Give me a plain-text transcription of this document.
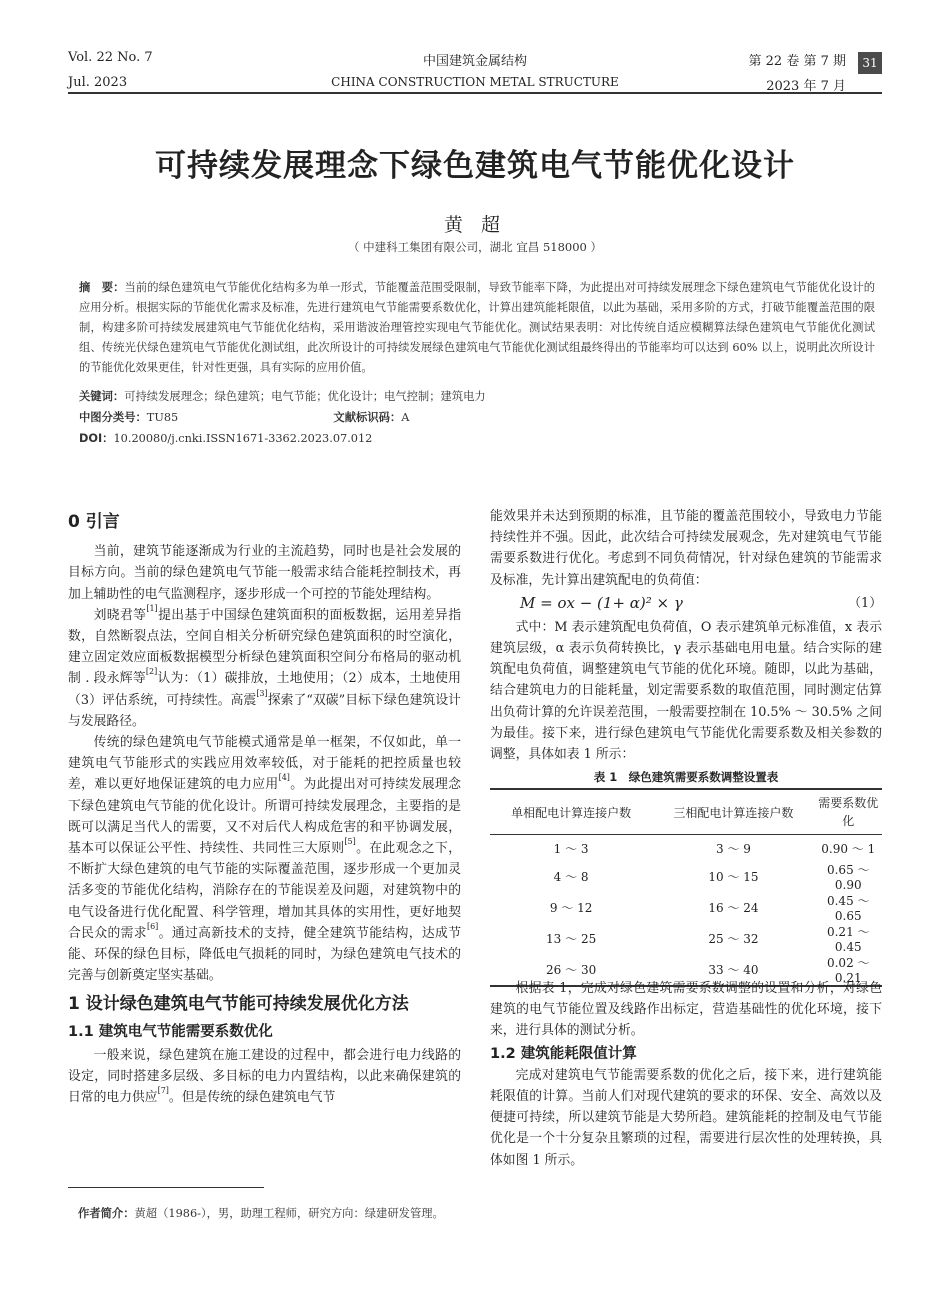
Vol. 22 No. 7
Jul. 2023
中国建筑金属结构
CHINA CONSTRUCTION METAL STRUCTURE
第 22 卷 第 7 期
2023 年 7 月
31
可持续发展理念下绿色建筑电气节能优化设计
黄 超
（ 中建科工集团有限公司，湖北 宜昌 518000 ）
摘　要：当前的绿色建筑电气节能优化结构多为单一形式，节能覆盖范围受限制，导致节能率下降，为此提出对可持续发展理念下绿色建筑电气节能优化设计的应用分析。根据实际的节能优化需求及标准，先进行建筑电气节能需要系数优化，计算出建筑能耗限值，以此为基础，采用多阶的方式，打破节能覆盖范围的限制，构建多阶可持续发展建筑电气节能优化结构，采用谐波治理管控实现电气节能优化。测试结果表明：对比传统自适应模糊算法绿色建筑电气节能优化测试组、传统光伏绿色建筑电气节能优化测试组，此次所设计的可持续发展绿色建筑电气节能优化测试组最终得出的节能率均可以达到 60% 以上，说明此次所设计的节能优化效果更佳，针对性更强，具有实际的应用价值。
关键词：可持续发展理念；绿色建筑；电气节能；优化设计；电气控制；建筑电力
中图分类号：TU85	文献标识码：A
DOI：10.20080/j.cnki.ISSN1671-3362.2023.07.012
0 引言

当前，建筑节能逐渐成为行业的主流趋势，同时也是社会发展的目标方向。当前的绿色建筑电气节能一般需求结合能耗控制技术，再加上辅助性的电气监测程序，逐步形成一个可控的节能处理结构。

刘晓君等[1]提出基于中国绿色建筑面积的面板数据，运用差异指数，自然断裂点法，空间自相关分析研究绿色建筑面积的时空演化，建立固定效应面板数据模型分析绿色建筑面积空间分布格局的驱动机制 . 段永辉等[2]认为：（1）碳排放，土地使用；（2）成本，土地使用（3）评估系统，可持续性。高震[3]探索了“双碳”目标下绿色建筑设计与发展路径。

传统的绿色建筑电气节能模式通常是单一框架，不仅如此，单一建筑电气节能形式的实践应用效率较低，对于能耗的把控质量也较差，难以更好地保证建筑的电力应用[4]。为此提出对可持续发展理念下绿色建筑电气节能的优化设计。所谓可持续发展理念，主要指的是既可以满足当代人的需要，又不对后代人构成危害的和平协调发展，基本可以保证公平性、持续性、共同性三大原则[5]。在此观念之下，不断扩大绿色建筑的电气节能的实际覆盖范围，逐步形成一个更加灵活多变的节能优化结构，消除存在的节能误差及问题，对建筑物中的电气设备进行优化配置、科学管理，增加其具体的实用性，更好地契合民众的需求[6]。通过高新技术的支持，健全建筑节能结构，达成节能、环保的绿色目标，降低电气损耗的同时，为绿色建筑电气技术的完善与创新奠定坚实基础。

1 设计绿色建筑电气节能可持续发展优化方法
1.1 建筑电气节能需要系数优化

一般来说，绿色建筑在施工建设的过程中，都会进行电力线路的设定，同时搭建多层级、多目标的电力内置结构，以此来确保建筑的日常的电力供应[7]。但是传统的绿色建筑电气节

能效果并未达到预期的标准，且节能的覆盖范围较小，导致电力节能持续性并不强。因此，此次结合可持续发展观念，先对建筑电气节能需要系数进行优化。考虑到不同负荷情况，针对绿色建筑的节能需求及标准，先计算出建筑配电的负荷值：

M = ox − (1+ α)² × γ	（1）

式中：M 表示建筑配电负荷值，O 表示建筑单元标准值，x 表示建筑层级，α 表示负荷转换比，γ 表示基础电用电量。结合实际的建筑配电负荷值，调整建筑电气节能的优化环境。随即，以此为基础，结合建筑电力的日能耗量，划定需要系数的取值范围，同时测定估算出负荷计算的允许误差范围，一般需要控制在 10.5% ～ 30.5% 之间为最佳。接下来，进行绿色建筑电气节能优化需要系数及相关参数的调整，具体如表 1 所示：

表 1　绿色建筑需要系数调整设置表
单相配电计算连接户数	三相配电计算连接户数	需要系数优化
1 ～ 3	3 ～ 9	0.90 ～ 1
4 ～ 8	10 ～ 15	0.65 ～ 0.90
9 ～ 12	16 ～ 24	0.45 ～ 0.65
13 ～ 25	25 ～ 32	0.21 ～ 0.45
26 ～ 30	33 ～ 40	0.02 ～ 0.21

根据表 1，完成对绿色建筑需要系数调整的设置和分析，对绿色建筑的电气节能位置及线路作出标定，营造基础性的优化环境，接下来，进行具体的测试分析。

1.2 建筑能耗限值计算

完成对建筑电气节能需要系数的优化之后，接下来，进行建筑能耗限值的计算。当前人们对现代建筑的要求的环保、安全、高效以及便捷可持续，所以建筑节能是大势所趋。建筑能耗的控制及电气节能优化是一个十分复杂且繁琐的过程，需要进行层次性的处理转换，具体如图 1 所示。

作者简介：黄超（1986-），男，助理工程师，研究方向：绿建研发管理。
